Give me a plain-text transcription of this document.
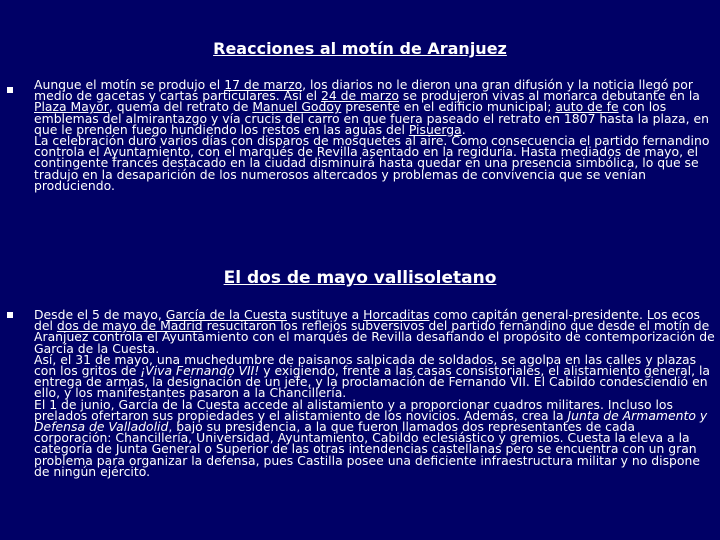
Reacciones al motín de Aranjuez

Aunque el motín se produjo el 17 de marzo, los diarios no le dieron una gran difusión y la noticia llegó por medio de gacetas y cartas particulares. Así el 24 de marzo se produjeron vivas al monarca debutante en la Plaza Mayor, quema del retrato de Manuel Godoy presente en el edificio municipal; auto de fe con los emblemas del almirantazgo y vía crucis del carro en que fuera paseado el retrato en 1807 hasta la plaza, en que le prenden fuego hundiendo los restos en las aguas del Pisuerga.

La celebración duró varios días con disparos de mosquetes al aire. Como consecuencia el partido fernandino controla el Ayuntamiento, con el marqués de Revilla asentado en la regiduría. Hasta mediados de mayo, el contingente francés destacado en la ciudad disminuirá hasta quedar en una presencia simbólica, lo que se tradujo en la desaparición de los numerosos altercados y problemas de convivencia que se venían produciendo.

El dos de mayo vallisoletano

Desde el 5 de mayo, García de la Cuesta sustituye a Horcaditas como capitán general-presidente. Los ecos del dos de mayo de Madrid resucitaron los reflejos subversivos del partido fernandino que desde el motín de Aranjuez controla el Ayuntamiento con el marqués de Revilla desafiando el propósito de contemporización de García de la Cuesta.

Así, el 31 de mayo, una muchedumbre de paisanos salpicada de soldados, se agolpa en las calles y plazas con los gritos de ¡Viva Fernando VII! y exigiendo, frente a las casas consistoriales, el alistamiento general, la entrega de armas, la designación de un jefe, y la proclamación de Fernando VII. El Cabildo condesciendió en ello, y los manifestantes pasaron a la Chancillería.

El 1 de junio, García de la Cuesta accede al alistamiento y a proporcionar cuadros militares. Incluso los prelados ofertaron sus propiedades y el alistamiento de los novicios. Además, crea la Junta de Armamento y Defensa de Valladolid, bajo su presidencia, a la que fueron llamados dos representantes de cada corporación: Chancillería, Universidad, Ayuntamiento, Cabildo eclesiástico y gremios. Cuesta la eleva a la categoría de Junta General o Superior de las otras intendencias castellanas pero se encuentra con un gran problema para organizar la defensa, pues Castilla posee una deficiente infraestructura militar y no dispone de ningún ejército.
